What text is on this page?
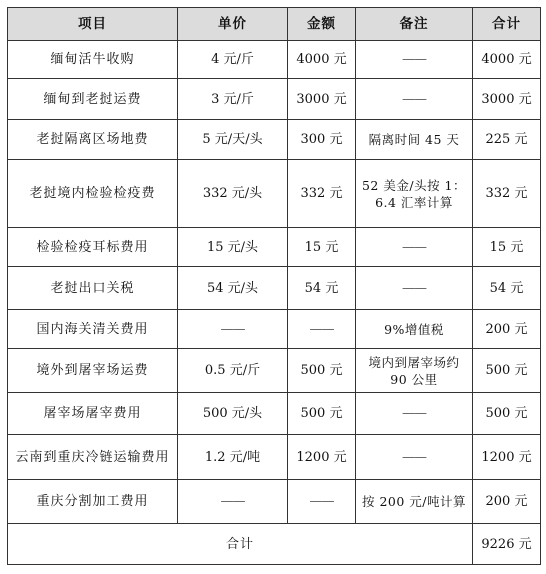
项目	单价	金额	备注	合计
缅甸活牛收购	4 元/斤	4000 元	——	4000 元
缅甸到老挝运费	3 元/斤	3000 元	——	3000 元
老挝隔离区场地费	5 元/天/头	300 元	隔离时间 45 天	225 元
老挝境内检验检疫费	332 元/头	332 元	52 美金/头按 1：6.4 汇率计算	332 元
检验检疫耳标费用	15 元/头	15 元	——	15 元
老挝出口关税	54 元/头	54 元	——	54 元
国内海关清关费用	——	——	9%增值税	200 元
境外到屠宰场运费	0.5 元/斤	500 元	境内到屠宰场约 90 公里	500 元
屠宰场屠宰费用	500 元/头	500 元	——	500 元
云南到重庆冷链运输费用	1.2 元/吨	1200 元	——	1200 元
重庆分割加工费用	——	——	按 200 元/吨计算	200 元
合计				9226 元
